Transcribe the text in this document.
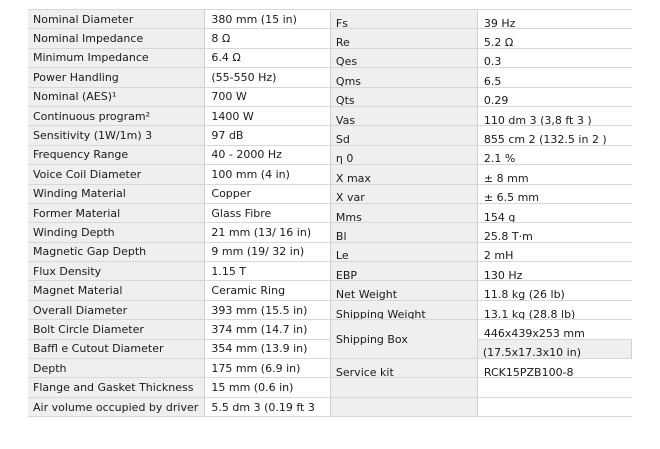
Nominal Diameter	380 mm (15 in)	Fs	39 Hz
Nominal Impedance	8 Ω	Re	5.2 Ω
Minimum Impedance	6.4 Ω	Qes	0.3
Power Handling	(55-550 Hz)	Qms	6.5
Nominal (AES)¹	700 W	Qts	0.29
Continuous program²	1400 W	Vas	110 dm 3 (3,8 ft 3 )
Sensitivity (1W/1m) 3	97 dB	Sd	855 cm 2 (132.5 in 2 )
Frequency Range	40 - 2000 Hz	η 0	2.1 %
Voice Coil Diameter	100 mm (4 in)	X max	± 8 mm
Winding Material	Copper	X var	± 6.5 mm
Former Material	Glass Fibre	Mms	154 g
Winding Depth	21 mm (13/ 16 in)	Bl	25.8 T·m
Magnetic Gap Depth	9 mm (19/ 32 in)	Le	2 mH
Flux Density	1.15 T	EBP	130 Hz
Magnet Material	Ceramic Ring	Net Weight	11.8 kg (26 lb)
Overall Diameter	393 mm (15.5 in)	Shipping Weight	13.1 kg (28.8 lb)
Bolt Circle Diameter	374 mm (14.7 in)	Shipping Box	446x439x253 mm
Baffl e Cutout Diameter	354 mm (13.9 in)		(17.5x17.3x10 in)
Depth	175 mm (6.9 in)	Service kit	RCK15PZB100-8
Flange and Gasket Thickness	15 mm (0.6 in)		
Air volume occupied by driver	5.5 dm 3 (0.19 ft 3		
